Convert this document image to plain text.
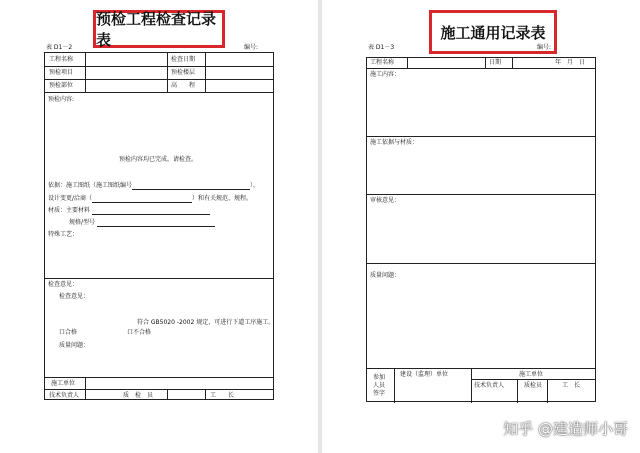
预检工程检查记录表
表 D1－2	编号:
工程名称	检查日期
预检项目	预检楼层
预检部位	高　　程
预检内容:
预检内容均已完成，请检查。
依据：施工图纸（施工图纸编号	），
设计变更/洽商（	）和有关规范、规程。
材质：主要材料
规格/型号
特殊工艺：
检查意见：
检查意见：
符合 GB5020 -2002 规定，可进行下道工序施工。
口合格	口不合格
质量问题：
施工单位
技术负责人	质　检　员	工　　长
施工通用记录表
表 D1－3	编号:
工程名称	日期	年　月　日
施工内容：
施工依据与材质：
审核意见：
质量问题：
参加
人员
签字
建设（监理）单位	施工单位
技术负责人	质检员	工　长
知乎 @建造师小哥
